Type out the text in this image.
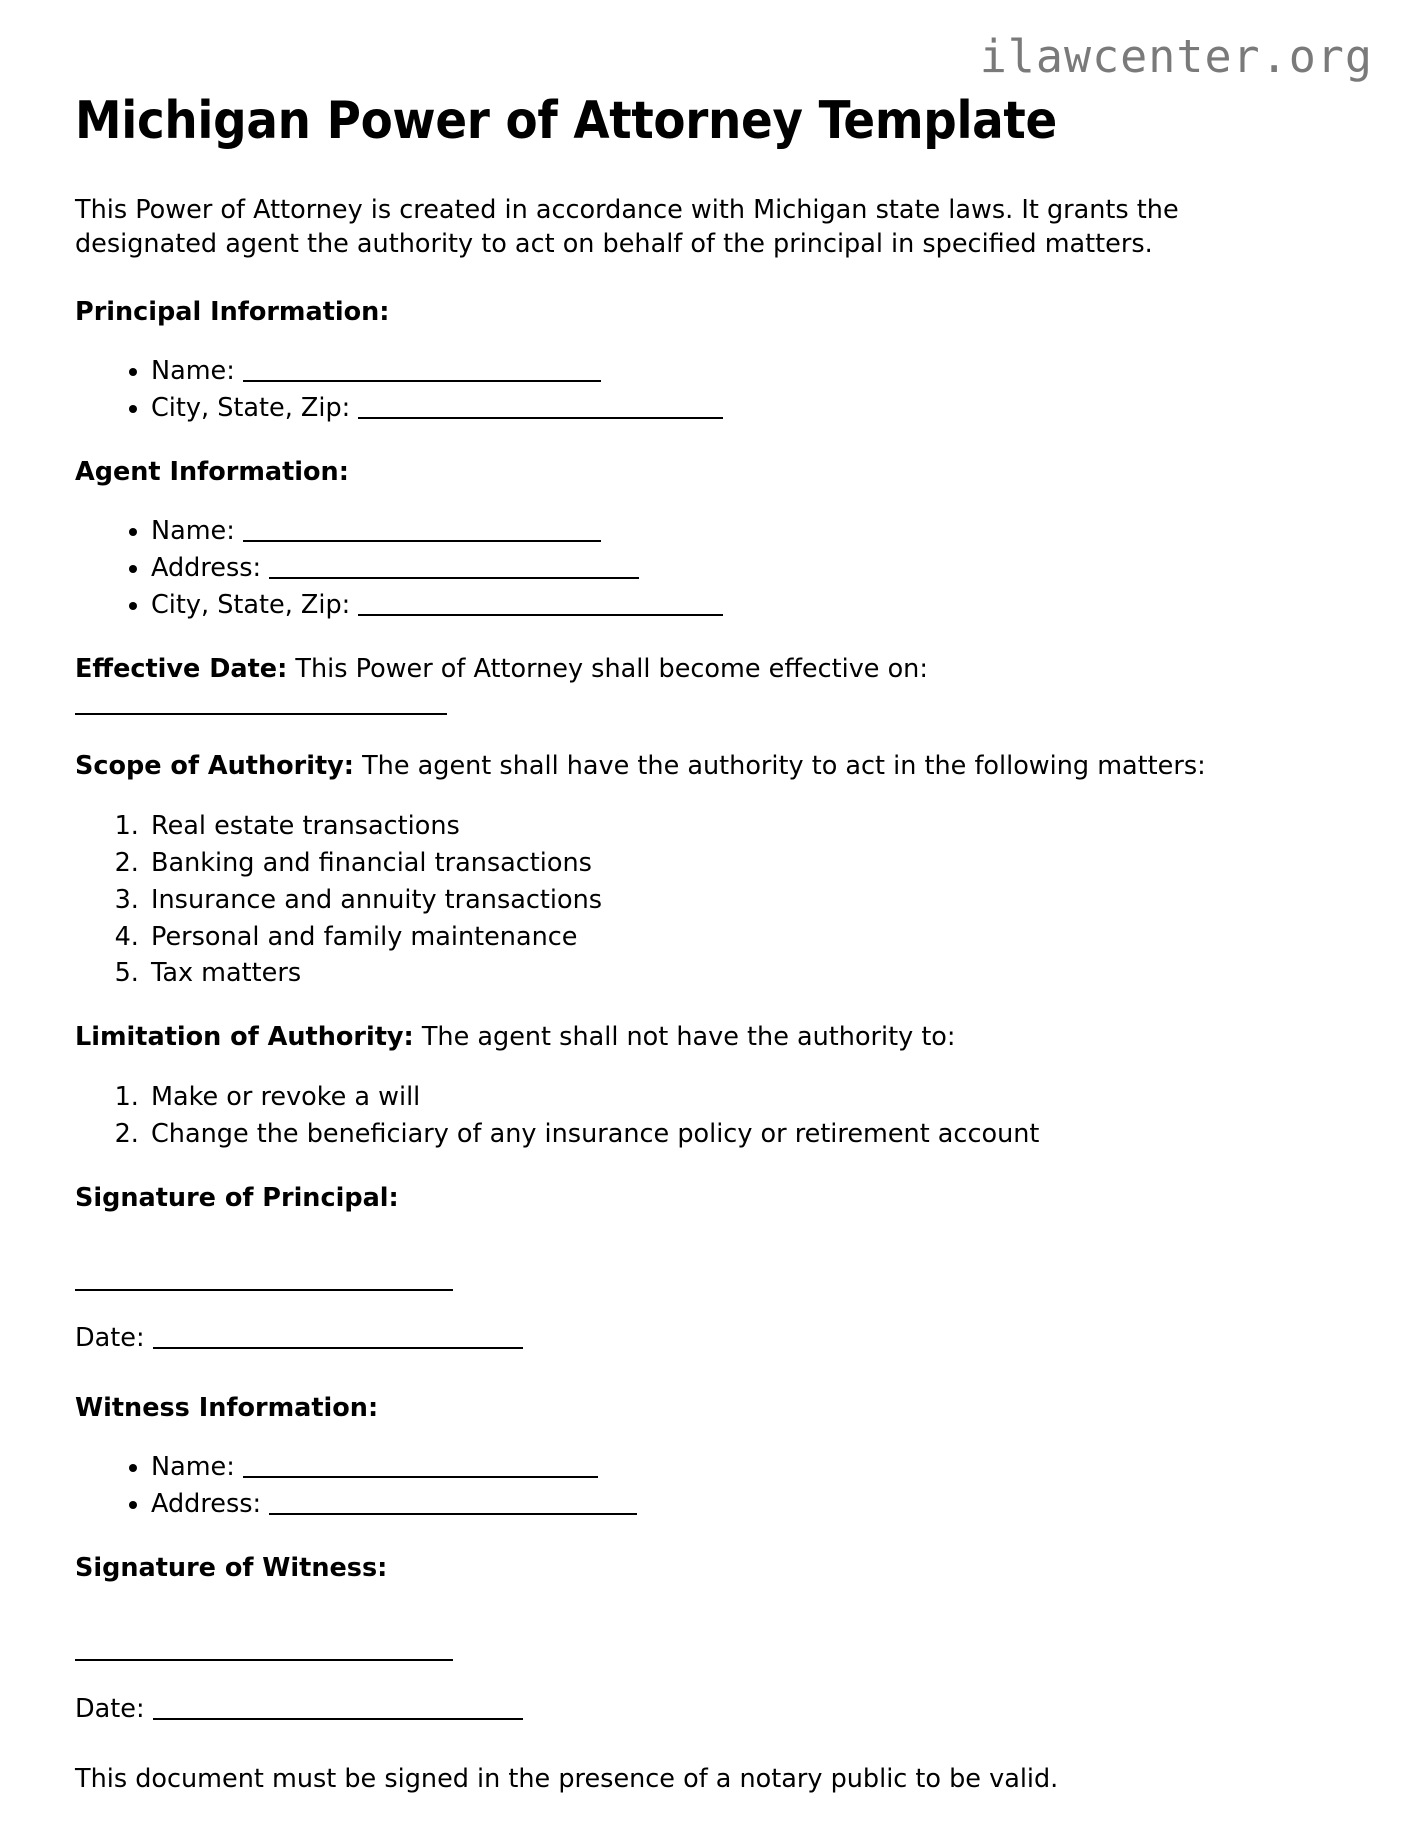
ilawcenter.org
Michigan Power of Attorney Template

This Power of Attorney is created in accordance with Michigan state laws. It grants the designated agent the authority to act on behalf of the principal in specified matters.

Principal Information:
• Name:
• City, State, Zip:
Agent Information:
• Name:
• Address:
• City, State, Zip:

Effective Date: This Power of Attorney shall become effective on:

Scope of Authority: The agent shall have the authority to act in the following matters:

1. Real estate transactions
2. Banking and financial transactions
3. Insurance and annuity transactions
4. Personal and family maintenance
5. Tax matters

Limitation of Authority: The agent shall not have the authority to:

1. Make or revoke a will
2. Change the beneficiary of any insurance policy or retirement account
Signature of Principal:

Date:

Witness Information:
• Name:
• Address:
Signature of Witness:

Date:

This document must be signed in the presence of a notary public to be valid.
